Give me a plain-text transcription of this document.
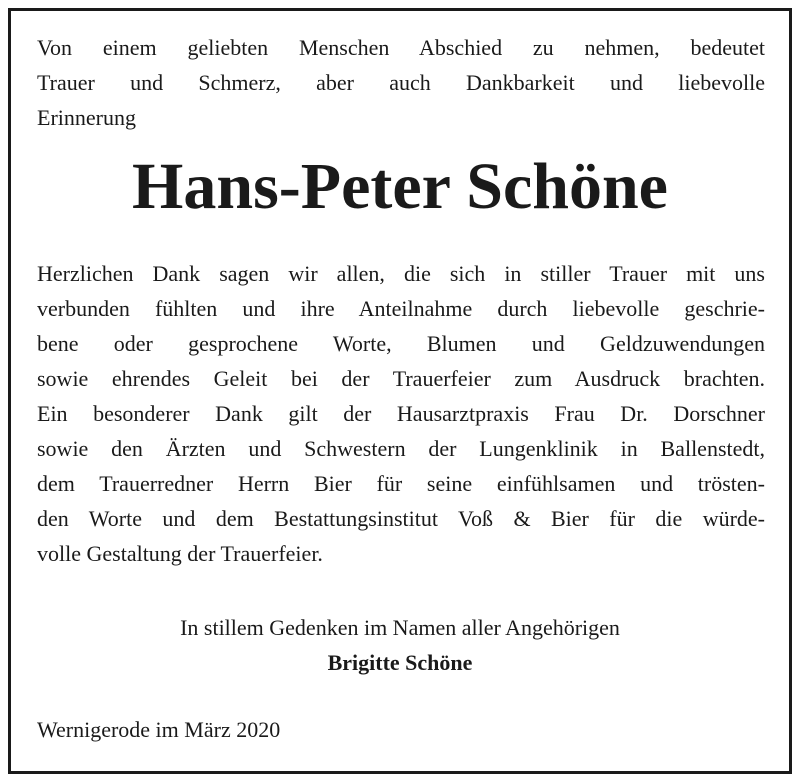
Von einem geliebten Menschen Abschied zu nehmen, bedeutet
Trauer und Schmerz, aber auch Dankbarkeit und liebevolle
Erinnerung
Hans-Peter Schöne
Herzlichen Dank sagen wir allen, die sich in stiller Trauer mit uns
verbunden fühlten und ihre Anteilnahme durch liebevolle geschrie-
bene oder gesprochene Worte, Blumen und Geldzuwendungen
sowie ehrendes Geleit bei der Trauerfeier zum Ausdruck brachten.
Ein besonderer Dank gilt der Hausarztpraxis Frau Dr. Dorschner
sowie den Ärzten und Schwestern der Lungenklinik in Ballenstedt,
dem Trauerredner Herrn Bier für seine einfühlsamen und trösten-
den Worte und dem Bestattungsinstitut Voß & Bier für die würde-
volle Gestaltung der Trauerfeier.
In stillem Gedenken im Namen aller Angehörigen
Brigitte Schöne
Wernigerode im März 2020
